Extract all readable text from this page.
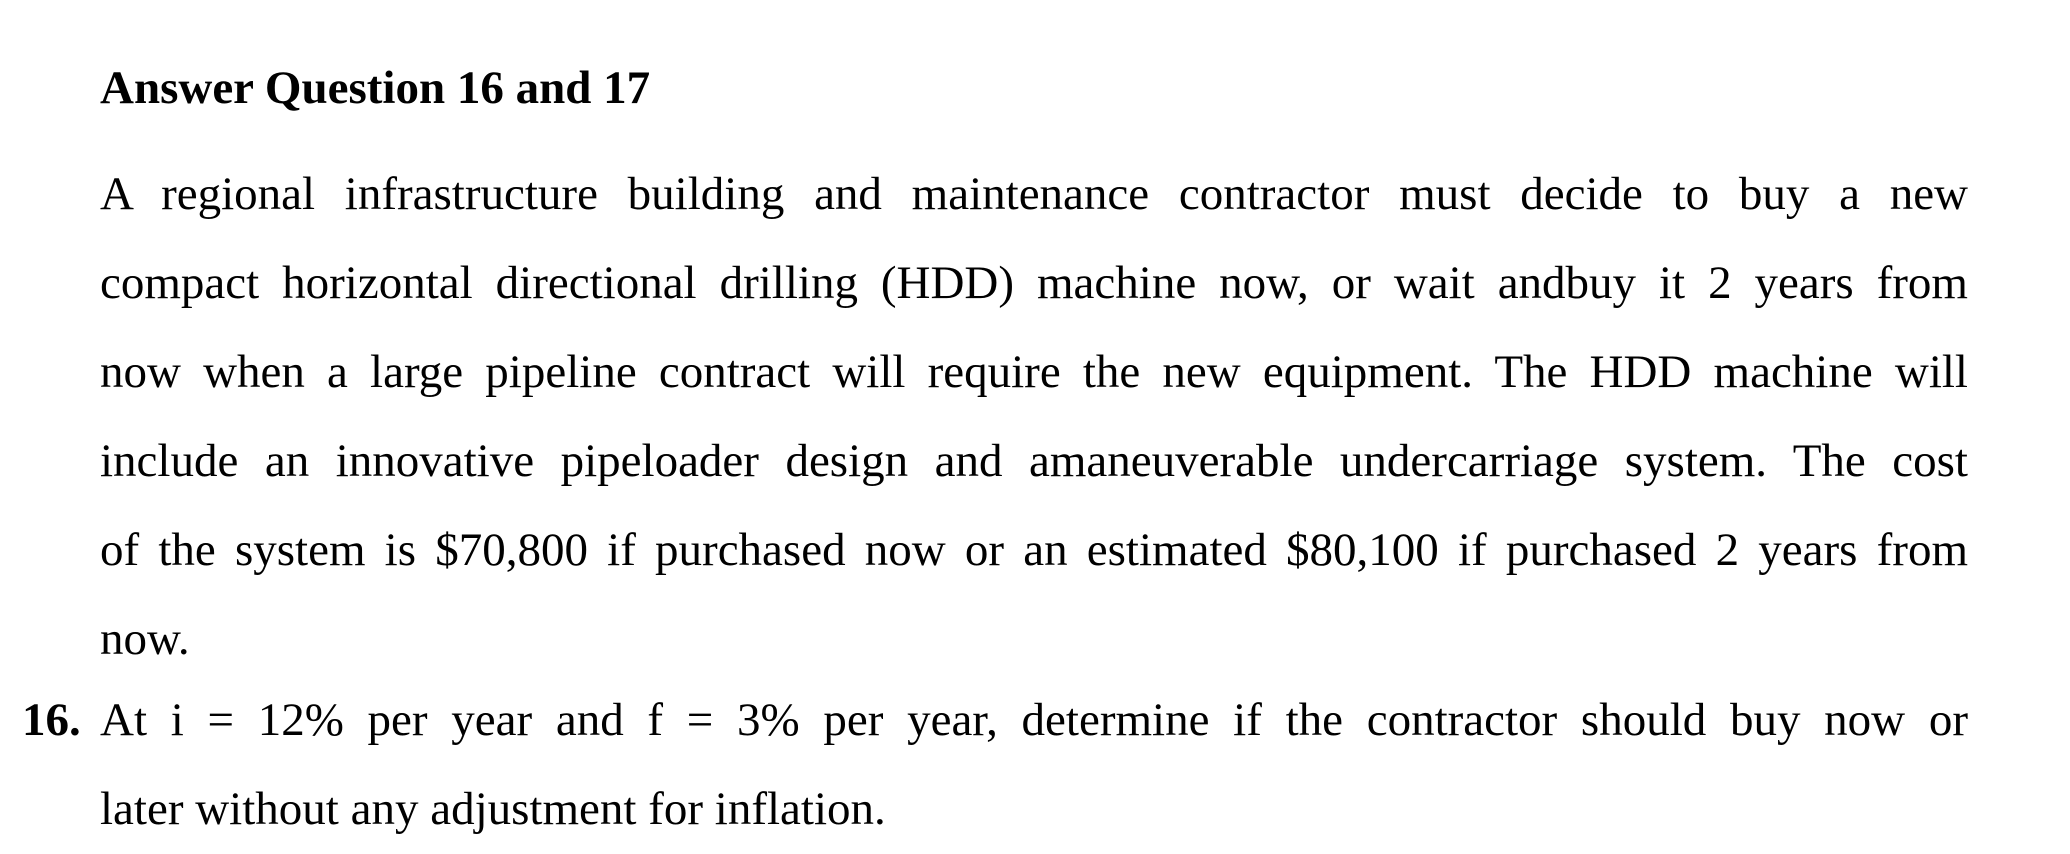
Answer Question 16 and 17
A regional infrastructure building and maintenance contractor must decide to buy a new
compact horizontal directional drilling (HDD) machine now, or wait andbuy it 2 years from
now when a large pipeline contract will require the new equipment. The HDD machine will
include an innovative pipeloader design and amaneuverable undercarriage system. The cost
of the system is $70,800 if purchased now or an estimated $80,100 if purchased 2 years from
now.
16. At i = 12% per year and f = 3% per year, determine if the contractor should buy now or
later without any adjustment for inflation.
